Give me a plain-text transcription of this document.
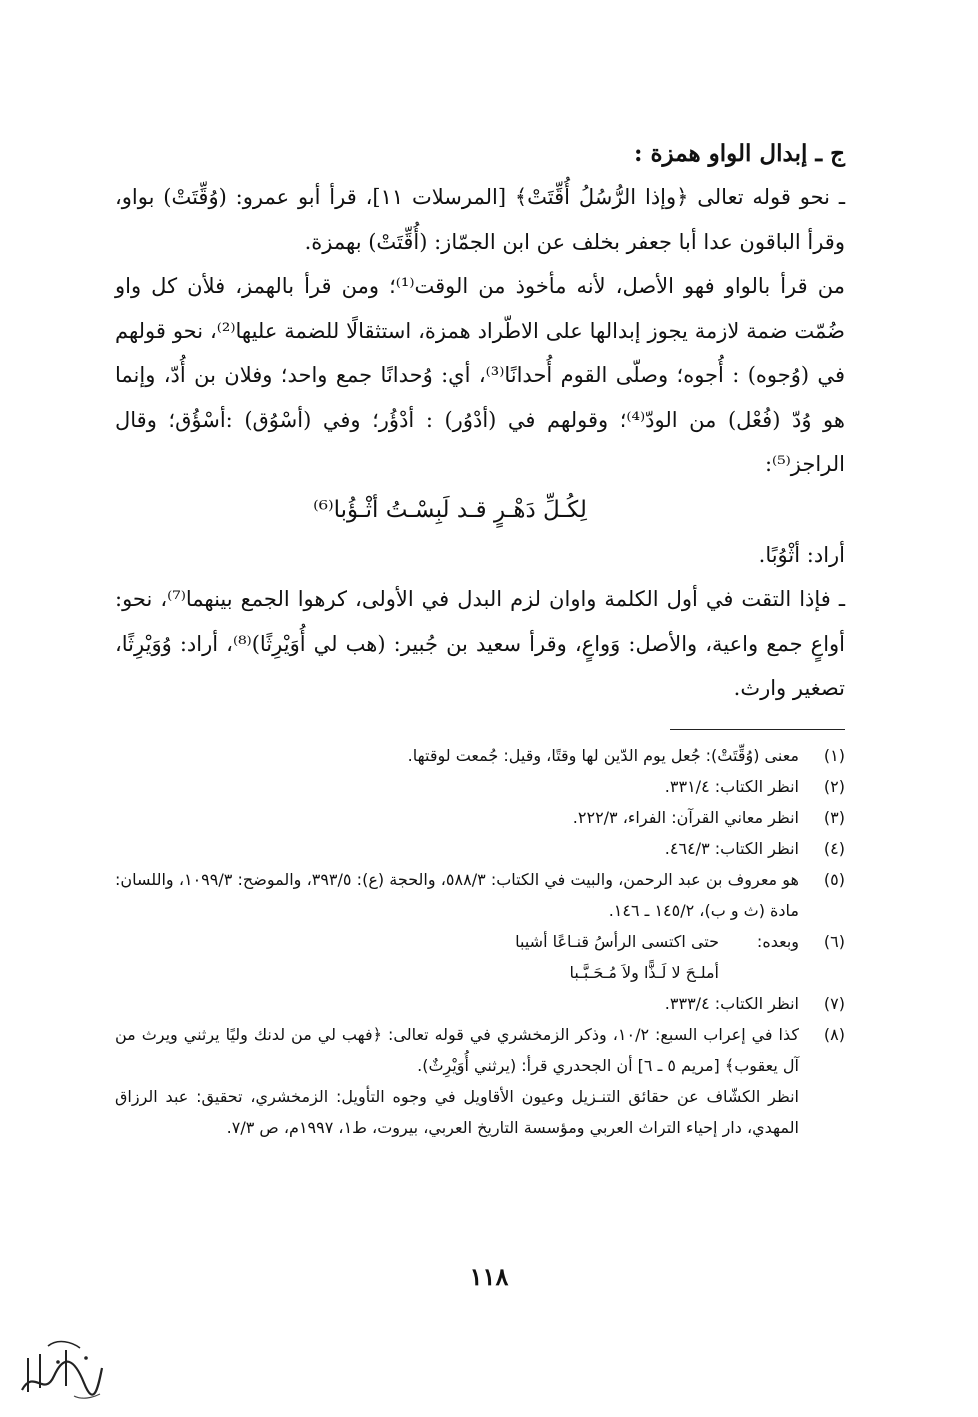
ج ـ إبدال الواو همزة :

ـ نحو قوله تعالى ﴿وإذا الرُّسُلُ أُقِّتَتْ﴾ [المرسلات ١١]، قرأ أبو عمرو: (وُقِّتَتْ) بواو، وقرأ الباقون عدا أبا جعفر بخلف عن ابن الجمّاز: (أُقِّتَتْ) بهمزة.

من قرأ بالواو فهو الأصل، لأنه مأخوذ من الوقت⁽¹⁾؛ ومن قرأ بالهمز، فلأن كل واو ضُمّت ضمة لازمة يجوز إبدالها على الاطّراد همزة، استثقالًا للضمة عليها⁽²⁾، نحو قولهم في (وُجوه) : أُجوه؛ وصلّى القوم أُحدانًا⁽³⁾، أي: وُحدانًا جمع واحد؛ وفلان بن أُدّ، وإنما هو وُدّ (فُعْل) من الودّ⁽⁴⁾؛ وقولهم في (أدْوُر) : أدْؤُر؛ وفي (أسْوُق) :أسْؤُق؛ وقال الراجز⁽⁵⁾:

لِكُـلِّ دَهْـرٍ قـد لَبِسْـتُ أثْـؤُبا⁽⁶⁾

أراد: أثْوُبًا.

ـ فإذا التقت في أول الكلمة واوان لزم البدل في الأولى، كرهوا الجمع بينهما⁽⁷⁾، نحو: أواعٍ جمع واعية، والأصل: وَواعٍ، وقرأ سعيد بن جُبير: (هب لي أُوَيْرِثًا)⁽⁸⁾، أراد: وُوَيْرِثًا، تصغير وارث.

(١)
معنى (وُقِّتَتْ): جُعل يوم الدّين لها وقتًا، وقيل: جُمعت لوقتها.
(٢)
انظر الكتاب: ٣٣١/٤.
(٣)
انظر معاني القرآن: الفراء، ٢٢٢/٣.
(٤)
انظر الكتاب: ٤٦٤/٣.
(٥)
هو معروف بن عبد الرحمن، والبيت في الكتاب: ٥٨٨/٣، والحجة (ع): ٣٩٣/٥، والموضح: ١٠٩٩/٣، واللسان: مادة (ث و ب)، ١٤٥/٢ ـ ١٤٦.
(٦)
وبعده:
حتى اكتسى الرأسُ قنـاعًا أشيبا
أملـحَ لا لَـذًّا ولاَ مُـحَـبَّـبا
(٧)
انظر الكتاب: ٣٣٣/٤.
(٨)
كذا في إعراب السبع: ١٠/٢، وذكر الزمخشري في قوله تعالى: ﴿فهب لي من لدنك وليًا يرثني ويرث من آل يعقوب﴾ [مريم ٥ ـ ٦] أن الجحدري قرأ: (يرثني أُوَيْرِثٌ).
انظر الكشّاف عن حقائق التنـزيل وعيون الأقاويل في وجوه التأويل: الزمخشري، تحقيق: عبد الرزاق المهدي، دار إحياء التراث العربي ومؤسسة التاريخ العربي، بيروت، ط١، ١٩٩٧م، ص ٧/٣.
١١٨
